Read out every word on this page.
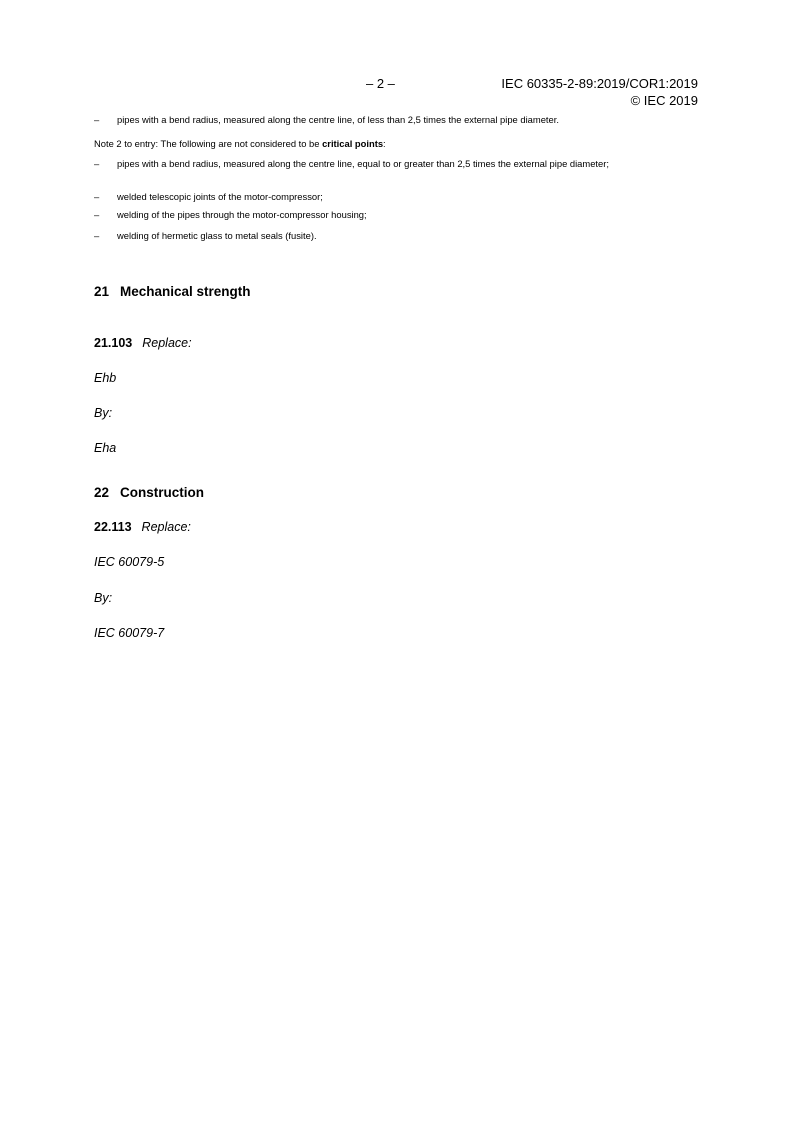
– 2 –	IEC 60335-2-89:2019/COR1:2019
© IEC 2019
– pipes with a bend radius, measured along the centre line, of less than 2,5 times the external pipe diameter.
Note 2 to entry: The following are not considered to be critical points:
– pipes with a bend radius, measured along the centre line, equal to or greater than 2,5 times the external pipe diameter;
– welded telescopic joints of the motor-compressor;
– welding of the pipes through the motor-compressor housing;
– welding of hermetic glass to metal seals (fusite).
21 Mechanical strength
21.103 Replace:
Ehb
By:
Eha
22 Construction
22.113 Replace:
IEC 60079-5
By:
IEC 60079-7
